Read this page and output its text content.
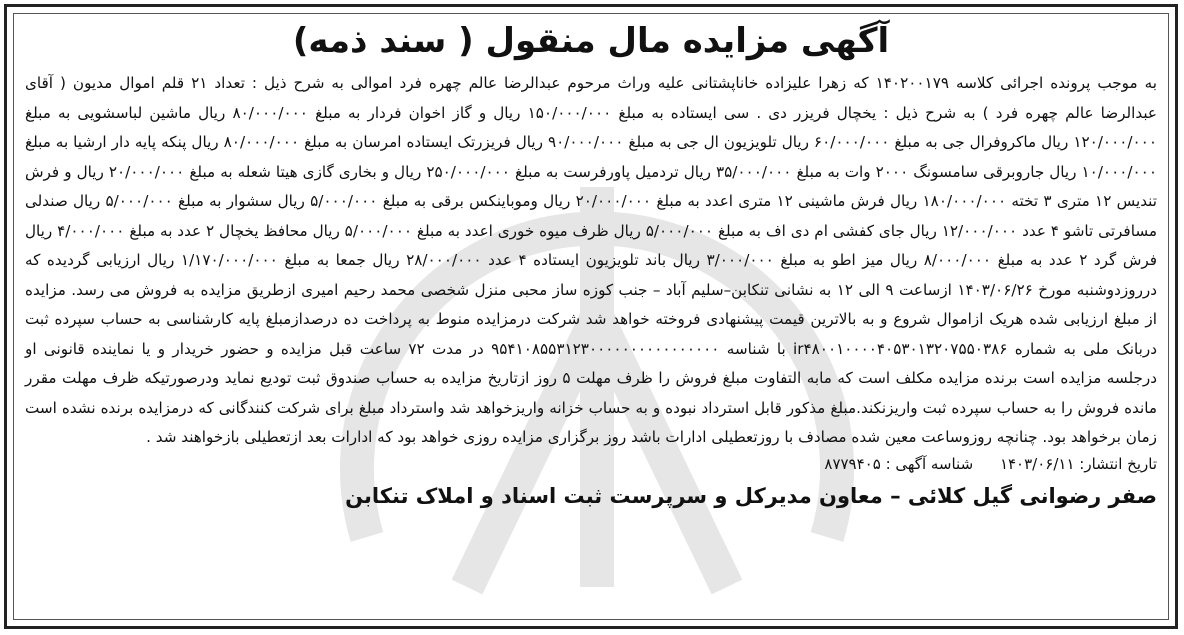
آگهی مزایده مال منقول ( سند ذمه)

به موجب پرونده اجرائی کلاسه ۱۴۰۲۰۰۱۷۹ که زهرا علیزاده خاناپشتانی علیه وراث مرحوم عبدالرضا عالم چهره فرد اموالی به شرح ذیل : تعداد ۲۱ قلم اموال مدیون ( آقای عبدالرضا عالم چهره فرد ) به شرح ذیل : یخچال فریزر دی . سی ایستاده به مبلغ ۱۵۰/۰۰۰/۰۰۰ ریال و گاز اخوان فردار به مبلغ ۸۰/۰۰۰/۰۰۰ ریال ماشین لباسشویی به مبلغ ۱۲۰/۰۰۰/۰۰۰ ریال ماکروفرال جی به مبلغ ۶۰/۰۰۰/۰۰۰ ریال تلویزیون ال جی به مبلغ ۹۰/۰۰۰/۰۰۰ ریال فریزرتک ایستاده امرسان به مبلغ ۸۰/۰۰۰/۰۰۰ ریال پنکه پایه دار ارشیا به مبلغ ۱۰/۰۰۰/۰۰۰ ریال جاروبرقی سامسونگ ۲۰۰۰ وات به مبلغ ۳۵/۰۰۰/۰۰۰ ریال تردمیل پاورفرست به مبلغ ۲۵۰/۰۰۰/۰۰۰ ریال و بخاری گازی هیتا شعله به مبلغ ۲۰/۰۰۰/۰۰۰ ریال و فرش تندیس ۱۲ متری ۳ تخته ۱۸۰/۰۰۰/۰۰۰ ریال فرش ماشینی ۱۲ متری اعدد به مبلغ ۲۰/۰۰۰/۰۰۰ ریال وموباینکس برقی به مبلغ ۵/۰۰۰/۰۰۰ ریال سشوار به مبلغ ۵/۰۰۰/۰۰۰ ریال صندلی مسافرتی تاشو ۴ عدد ۱۲/۰۰۰/۰۰۰ ریال جای کفشی ام دی اف به مبلغ ۵/۰۰۰/۰۰۰ ریال ظرف میوه خوری اعدد به مبلغ ۵/۰۰۰/۰۰۰ ریال محافظ یخچال ۲ عدد به مبلغ ۴/۰۰۰/۰۰۰ ریال فرش گرد ۲ عدد به مبلغ ۸/۰۰۰/۰۰۰ ریال میز اطو به مبلغ ۳/۰۰۰/۰۰۰ ریال باند تلویزیون ایستاده ۴ عدد ۲۸/۰۰۰/۰۰۰ ریال جمعا به مبلغ ۱/۱۷۰/۰۰۰/۰۰۰ ریال ارزیابی گردیده که درروزدوشنبه مورخ ۱۴۰۳/۰۶/۲۶ ازساعت ۹ الی ۱۲ به نشانی تنکابن–سلیم آباد – جنب کوزه ساز محبی منزل شخصی محمد رحیم امیری ازطریق مزایده به فروش می رسد. مزایده از مبلغ ارزیابی شده هریک ازاموال شروع و به بالاترین قیمت پیشنهادی فروخته خواهد شد شرکت درمزایده منوط به پرداخت ده درصدازمبلغ پایه کارشناسی به حساب سپرده ثبت دربانک ملی به شماره ir۴۸۰۰۱۰۰۰۰۴۰۵۳۰۱۳۲۰۷۵۵۰۳۸۶ با شناسه ۹۵۴۱۰۸۵۵۳۱۲۳۰۰۰۰۰۰۰۰۰۰۰۰۰۰۰۰ در مدت ۷۲ ساعت قبل مزایده و حضور خریدار و یا نماینده قانونی او درجلسه مزایده است برنده مزایده مکلف است که مابه التفاوت مبلغ فروش را ظرف مهلت ۵ روز ازتاریخ مزایده به حساب صندوق ثبت توديع نماید ودرصورتیکه ظرف مهلت مقرر مانده فروش را به حساب سپرده ثبت واریزنکند.مبلغ مذکور قابل استرداد نبوده و به حساب خزانه واریزخواهد شد واسترداد مبلغ برای شرکت کنندگانی که درمزایده برنده نشده است زمان برخواهد بود. چنانچه روزوساعت معین شده مصادف با روزتعطیلی ادارات باشد روز برگزاری مزایده روزی خواهد بود که ادارات بعد ازتعطیلی بازخواهند شد .

تاریخ انتشار: ۱۴۰۳/۰۶/۱۱ شناسه آگهی : ۸۷۷۹۴۰۵
صفر رضوانی گیل کلائی – معاون مدیرکل و سرپرست ثبت اسناد و املاک تنکابن
